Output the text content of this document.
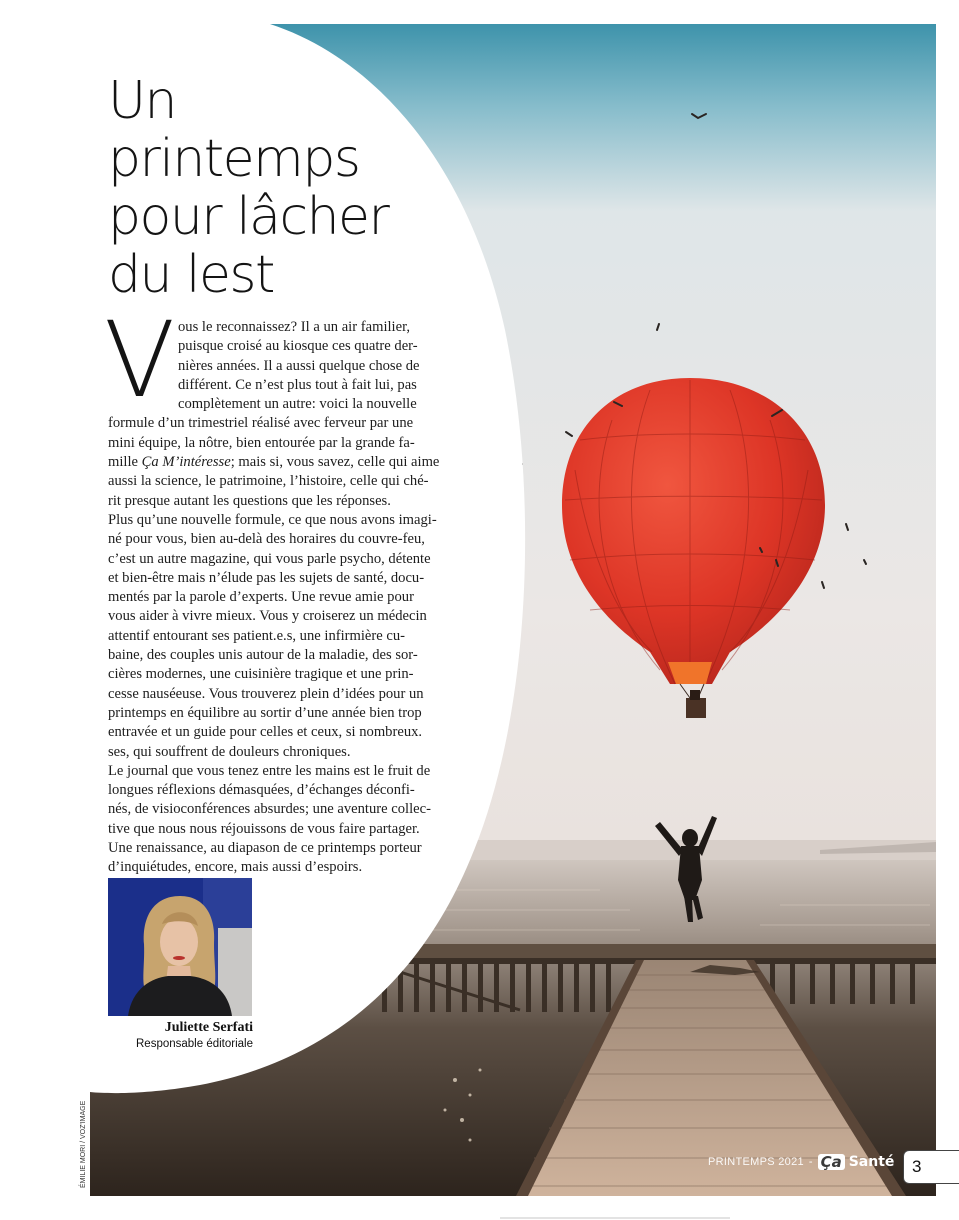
Un
printemps
pour lâcher
du lest
V ous le reconnaissez? Il a un air familier,

puisque croisé au kiosque ces quatre der-

nières années. Il a aussi quelque chose de

différent. Ce n’est plus tout à fait lui, pas

complètement un autre: voici la nouvelle

formule d’un trimestriel réalisé avec ferveur par une

mini équipe, la nôtre, bien entourée par la grande fa-

mille Ça M’intéresse; mais si, vous savez, celle qui aime

aussi la science, le patrimoine, l’histoire, celle qui ché-

rit presque autant les questions que les réponses.

Plus qu’une nouvelle formule, ce que nous avons imagi-

né pour vous, bien au-delà des horaires du couvre-feu,

c’est un autre magazine, qui vous parle psycho, détente

et bien-être mais n’élude pas les sujets de santé, docu-

mentés par la parole d’experts. Une revue amie pour

vous aider à vivre mieux. Vous y croiserez un médecin

attentif entourant ses patient.e.s, une infirmière cu-

baine, des couples unis autour de la maladie, des sor-

cières modernes, une cuisinière tragique et une prin-

cesse nauséeuse. Vous trouverez plein d’idées pour un

printemps en équilibre au sortir d’une année bien trop

entravée et un guide pour celles et ceux, si nombreux.

ses, qui souffrent de douleurs chroniques.

Le journal que vous tenez entre les mains est le fruit de

longues réflexions démasquées, d’échanges déconfi-

nés, de visioconférences absurdes; une aventure collec-

tive que nous nous réjouissons de vous faire partager.

Une renaissance, au diapason de ce printemps porteur

d’inquiétudes, encore, mais aussi d’espoirs.

Juliette Serfati
Responsable éditoriale
ÉMILIE MORI / VOZ'IMAGE	PRINTEMPS 2021 - Ça Santé	3
